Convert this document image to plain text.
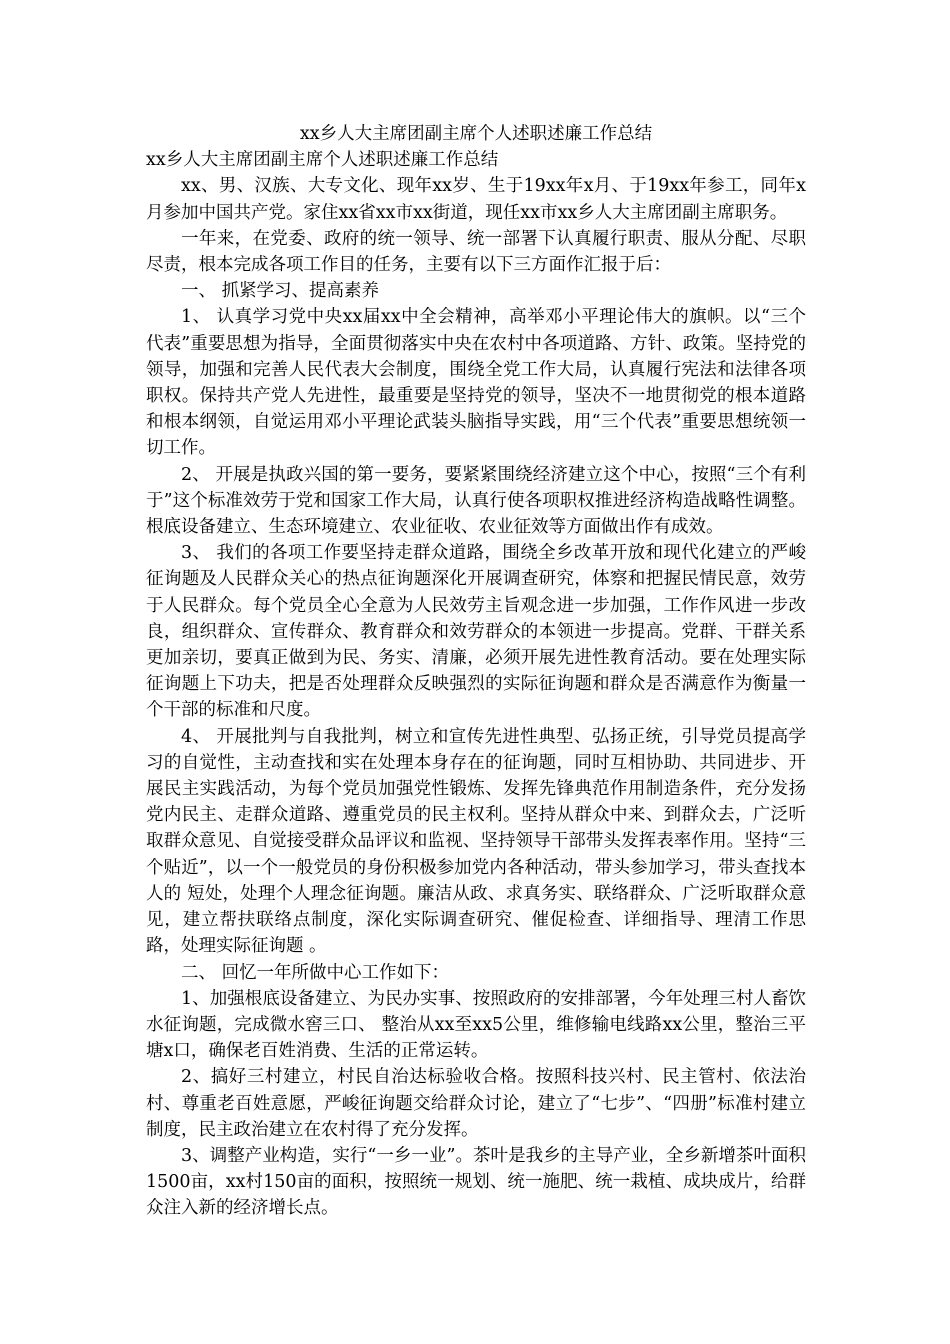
xx乡人大主席团副主席个人述职述廉工作总结
xx乡人大主席团副主席个人述职述廉工作总结

xx、男、汉族、大专文化、现年xx岁、生于19xx年x月、于19xx年参工，同年x月参加中国共产党。家住xx省xx市xx街道，现任xx市xx乡人大主席团副主席职务。

一年来，在党委、政府的统一领导、统一部署下认真履行职责、服从分配、尽职尽责，根本完成各项工作目的任务，主要有以下三方面作汇报于后：

一、 抓紧学习、提高素养

1、 认真学习党中央xx届xx中全会精神，高举邓小平理论伟大的旗帜。以“三个代表”重要思想为指导，全面贯彻落实中央在农村中各项道路、方针、政策。坚持党的领导，加强和完善人民代表大会制度，围绕全党工作大局，认真履行宪法和法律各项职权。保持共产党人先进性，最重要是坚持党的领导，坚决不一地贯彻党的根本道路和根本纲领，自觉运用邓小平理论武装头脑指导实践，用“三个代表”重要思想统领一切工作。

2、 开展是执政兴国的第一要务，要紧紧围绕经济建立这个中心，按照“三个有利于”这个标准效劳于党和国家工作大局，认真行使各项职权推进经济构造战略性调整。根底设备建立、生态环境建立、农业征收、农业征效等方面做出作有成效。

3、 我们的各项工作要坚持走群众道路，围绕全乡改革开放和现代化建立的严峻征询题及人民群众关心的热点征询题深化开展调查研究，体察和把握民情民意，效劳于人民群众。每个党员全心全意为人民效劳主旨观念进一步加强，工作作风进一步改良，组织群众、宣传群众、教育群众和效劳群众的本领进一步提高。党群、干群关系更加亲切，要真正做到为民、务实、清廉，必须开展先进性教育活动。要在处理实际征询题上下功夫，把是否处理群众反映强烈的实际征询题和群众是否满意作为衡量一个干部的标准和尺度。

4、 开展批判与自我批判，树立和宣传先进性典型、弘扬正统，引导党员提高学习的自觉性，主动查找和实在处理本身存在的征询题，同时互相协助、共同进步、开展民主实践活动，为每个党员加强党性锻炼、发挥先锋典范作用制造条件，充分发扬党内民主、走群众道路、遵重党员的民主权利。坚持从群众中来、到群众去，广泛听取群众意见、自觉接受群众品评议和监视、坚持领导干部带头发挥表率作用。坚持“三个贴近”，以一个一般党员的身份积极参加党内各种活动，带头参加学习，带头查找本人的 短处，处理个人理念征询题。廉洁从政、求真务实、联络群众、广泛听取群众意见，建立帮扶联络点制度，深化实际调查研究、催促检查、详细指导、理清工作思路，处理实际征询题 。

二、 回忆一年所做中心工作如下：

1、加强根底设备建立、为民办实事、按照政府的安排部署，今年处理三村人畜饮水征询题，完成微水窖三口、 整治从xx至xx5公里，维修输电线路xx公里，整治三平塘x口，确保老百姓消费、生活的正常运转。

2、搞好三村建立，村民自治达标验收合格。按照科技兴村、民主管村、依法治村、尊重老百姓意愿，严峻征询题交给群众讨论，建立了“七步”、“四册”标准村建立制度，民主政治建立在农村得了充分发挥。

3、调整产业构造，实行“一乡一业”。茶叶是我乡的主导产业，全乡新增茶叶面积1500亩，xx村150亩的面积，按照统一规划、统一施肥、统一栽植、成块成片，给群众注入新的经济增长点。
